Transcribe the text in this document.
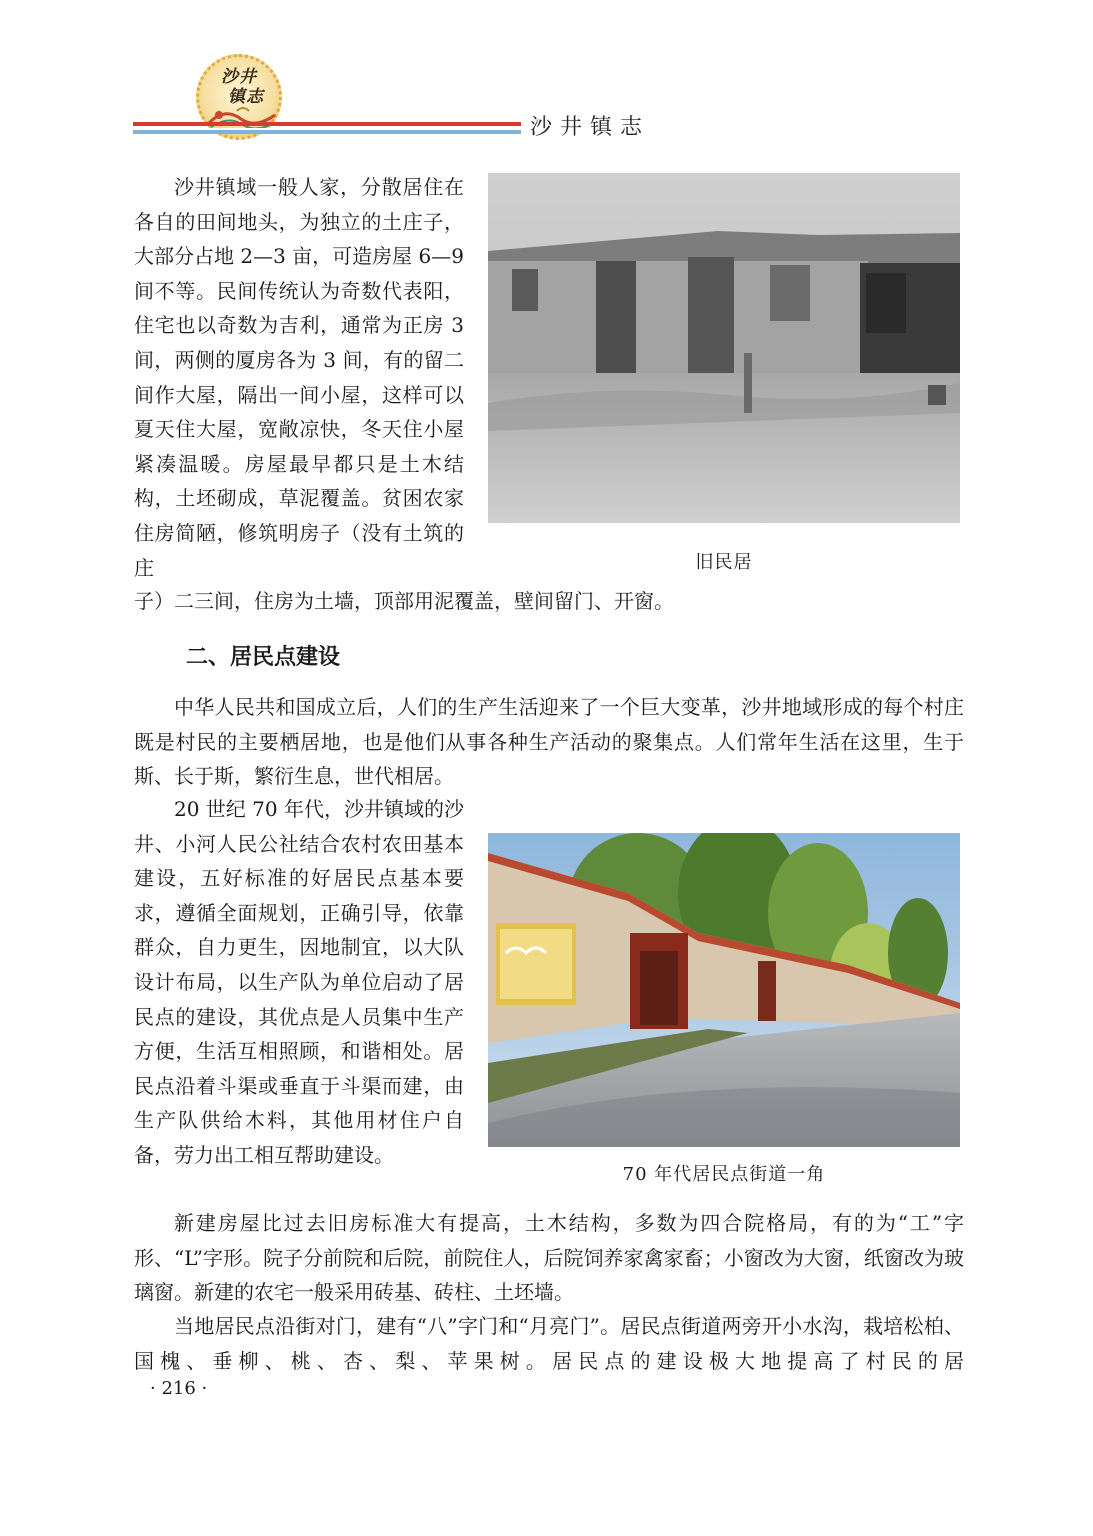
沙井
镇志
沙井镇志
沙井镇域一般人家，分散居住在各自的田间地头，为独立的土庄子，大部分占地 2—3 亩，可造房屋 6—9 间不等。民间传统认为奇数代表阳，住宅也以奇数为吉利，通常为正房 3 间，两侧的厦房各为 3 间，有的留二间作大屋，隔出一间小屋，这样可以夏天住大屋，宽敞凉快，冬天住小屋紧凑温暖。房屋最早都只是土木结构，土坯砌成，草泥覆盖。贫困农家住房简陋，修筑明房子（没有土筑的庄
子）二三间，住房为土墙，顶部用泥覆盖，壁间留门、开窗。
旧民居
二、居民点建设
中华人民共和国成立后，人们的生产生活迎来了一个巨大变革，沙井地域形成的每个村庄既是村民的主要栖居地，也是他们从事各种生产活动的聚集点。人们常年生活在这里，生于斯、长于斯，繁衍生息，世代相居。
20 世纪 70 年代，沙井镇域的沙井、小河人民公社结合农村农田基本建设，五好标准的好居民点基本要求，遵循全面规划，正确引导，依靠群众，自力更生，因地制宜，以大队设计布局，以生产队为单位启动了居民点的建设，其优点是人员集中生产方便，生活互相照顾，和谐相处。居民点沿着斗渠或垂直于斗渠而建，由生产队供给木料，其他用材住户自备，劳力出工相互帮助建设。
70 年代居民点街道一角
新建房屋比过去旧房标准大有提高，土木结构，多数为四合院格局，有的为“工”字形、“L”字形。院子分前院和后院，前院住人，后院饲养家禽家畜；小窗改为大窗，纸窗改为玻璃窗。新建的农宅一般采用砖基、砖柱、土坯墙。
当地居民点沿街对门，建有“八”字门和“月亮门”。居民点街道两旁开小水沟，栽培松柏、国槐、垂柳、桃、杏、梨、苹果树。居民点的建设极大地提高了村民的居
· 216 ·
